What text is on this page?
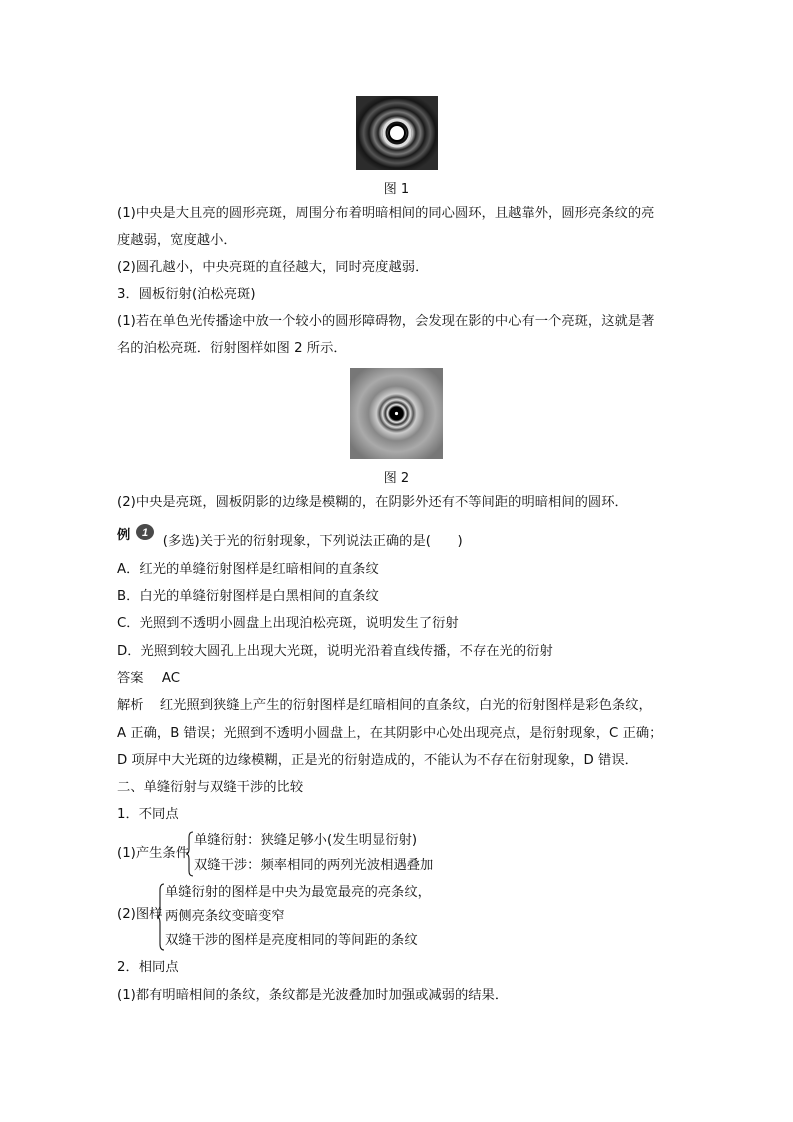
图 1
(1)中央是大且亮的圆形亮斑，周围分布着明暗相间的同心圆环，且越靠外，圆形亮条纹的亮
度越弱，宽度越小．
(2)圆孔越小，中央亮斑的直径越大，同时亮度越弱．
3．圆板衍射(泊松亮斑)
(1)若在单色光传播途中放一个较小的圆形障碍物，会发现在影的中心有一个亮斑，这就是著
名的泊松亮斑．衍射图样如图 2 所示．
图 2
(2)中央是亮斑，圆板阴影的边缘是模糊的，在阴影外还有不等间距的明暗相间的圆环．
例 1
(多选)关于光的衍射现象，下列说法正确的是(　　)
A．红光的单缝衍射图样是红暗相间的直条纹
B．白光的单缝衍射图样是白黑相间的直条纹
C．光照到不透明小圆盘上出现泊松亮斑，说明发生了衍射
D．光照到较大圆孔上出现大光斑，说明光沿着直线传播，不存在光的衍射
答案 AC
解析 红光照到狭缝上产生的衍射图样是红暗相间的直条纹，白光的衍射图样是彩色条纹，
A 正确，B 错误；光照到不透明小圆盘上，在其阴影中心处出现亮点，是衍射现象，C 正确；
D 项屏中大光斑的边缘模糊，正是光的衍射造成的，不能认为不存在衍射现象，D 错误．
二、单缝衍射与双缝干涉的比较
1．不同点
(1)产生条件
单缝衍射：狭缝足够小(发生明显衍射)
双缝干涉：频率相同的两列光波相遇叠加
(2)图样
单缝衍射的图样是中央为最宽最亮的亮条纹，
两侧亮条纹变暗变窄
双缝干涉的图样是亮度相同的等间距的条纹
2．相同点
(1)都有明暗相间的条纹，条纹都是光波叠加时加强或减弱的结果．
